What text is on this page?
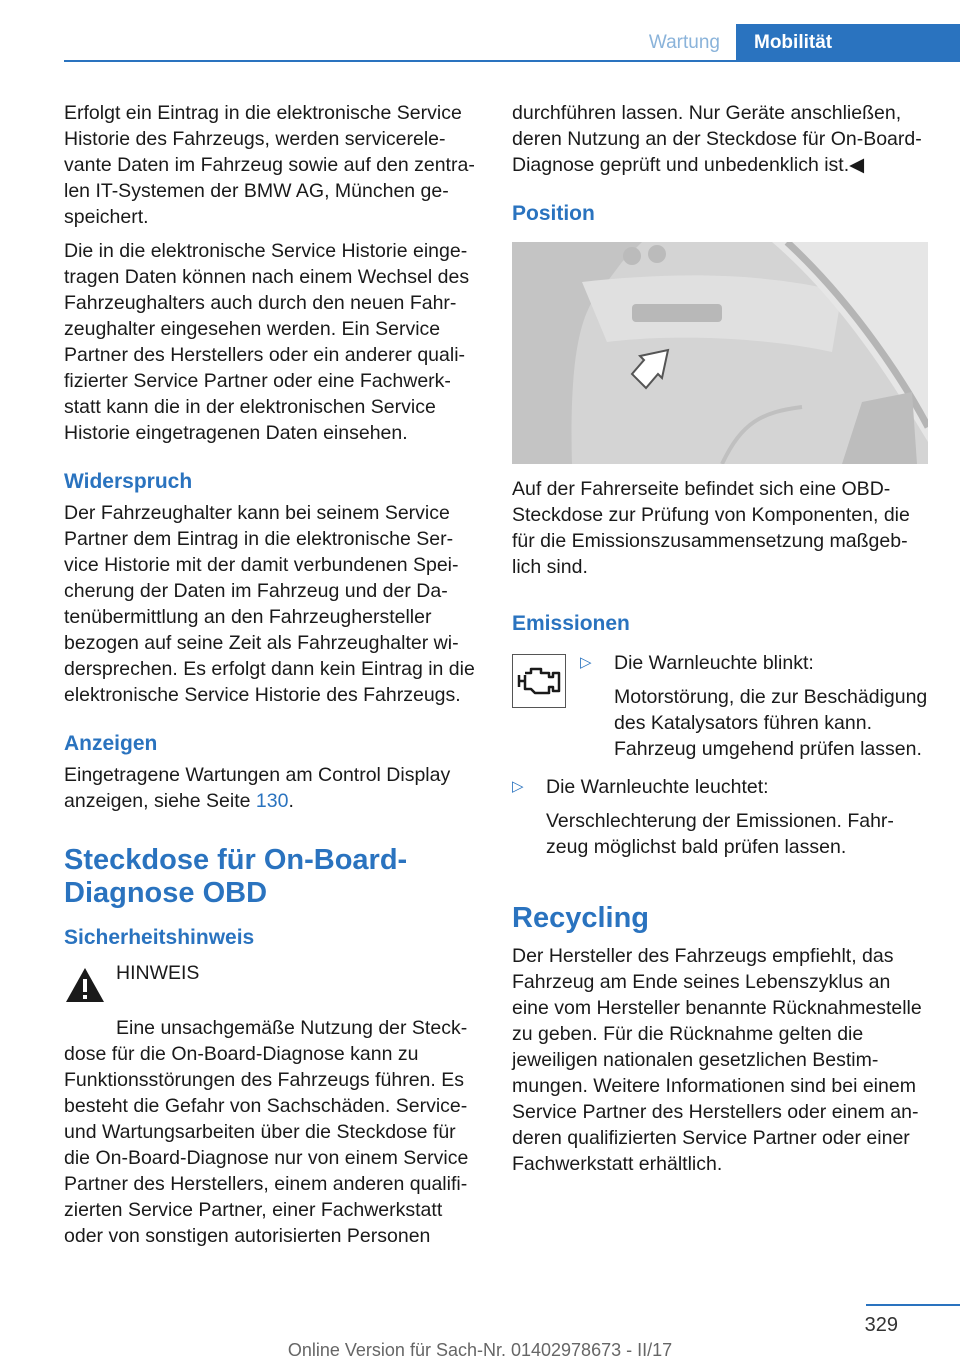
Wartung	Mobilität

Erfolgt ein Eintrag in die elektronische Service Historie des Fahrzeugs, werden servicerelevante Daten im Fahrzeug sowie auf den zentralen IT-Systemen der BMW AG, München gespeichert.

Die in die elektronische Service Historie eingetragen Daten können nach einem Wechsel des Fahrzeughalters auch durch den neuen Fahrzeughalter eingesehen werden. Ein Service Partner des Herstellers oder ein anderer qualifizierter Service Partner oder eine Fachwerkstatt kann die in der elektronischen Service Historie eingetragenen Daten einsehen.

Widerspruch

Der Fahrzeughalter kann bei seinem Service Partner dem Eintrag in die elektronische Service Historie mit der damit verbundenen Speicherung der Daten im Fahrzeug und der Datenübermittlung an den Fahrzeughersteller bezogen auf seine Zeit als Fahrzeughalter widersprechen. Es erfolgt dann kein Eintrag in die elektronische Service Historie des Fahrzeugs.

Anzeigen

Eingetragene Wartungen am Control Display anzeigen, siehe Seite 130.

Steckdose für On-Board-Diagnose OBD
Sicherheitshinweis

HINWEIS

Eine unsachgemäße Nutzung der Steckdose für die On-Board-Diagnose kann zu Funktionsstörungen des Fahrzeugs führen. Es besteht die Gefahr von Sachschäden. Service- und Wartungsarbeiten über die Steckdose für die On-Board-Diagnose nur von einem Service Partner des Herstellers, einem anderen qualifizierten Service Partner, einer Fachwerkstatt oder von sonstigen autorisierten Personen

durchführen lassen. Nur Geräte anschließen, deren Nutzung an der Steckdose für On-Board-Diagnose geprüft und unbedenklich ist.◀

Position

Auf der Fahrerseite befindet sich eine OBD-Steckdose zur Prüfung von Komponenten, die für die Emissionszusammensetzung maßgeblich sind.

Emissionen
▷	Die Warnleuchte blinkt:

Motorstörung, die zur Beschädigung des Katalysators führen kann. Fahrzeug umgehend prüfen lassen.

▷	Die Warnleuchte leuchtet:

Verschlechterung der Emissionen. Fahrzeug möglichst bald prüfen lassen.

Recycling

Der Hersteller des Fahrzeugs empfiehlt, das Fahrzeug am Ende seines Lebenszyklus an eine vom Hersteller benannte Rücknahmestelle zu geben. Für die Rücknahme gelten die jeweiligen nationalen gesetzlichen Bestimmungen. Weitere Informationen sind bei einem Service Partner des Herstellers oder einem anderen qualifizierten Service Partner oder einer Fachwerkstatt erhältlich.

329
Online Version für Sach-Nr. 01402978673 - II/17
